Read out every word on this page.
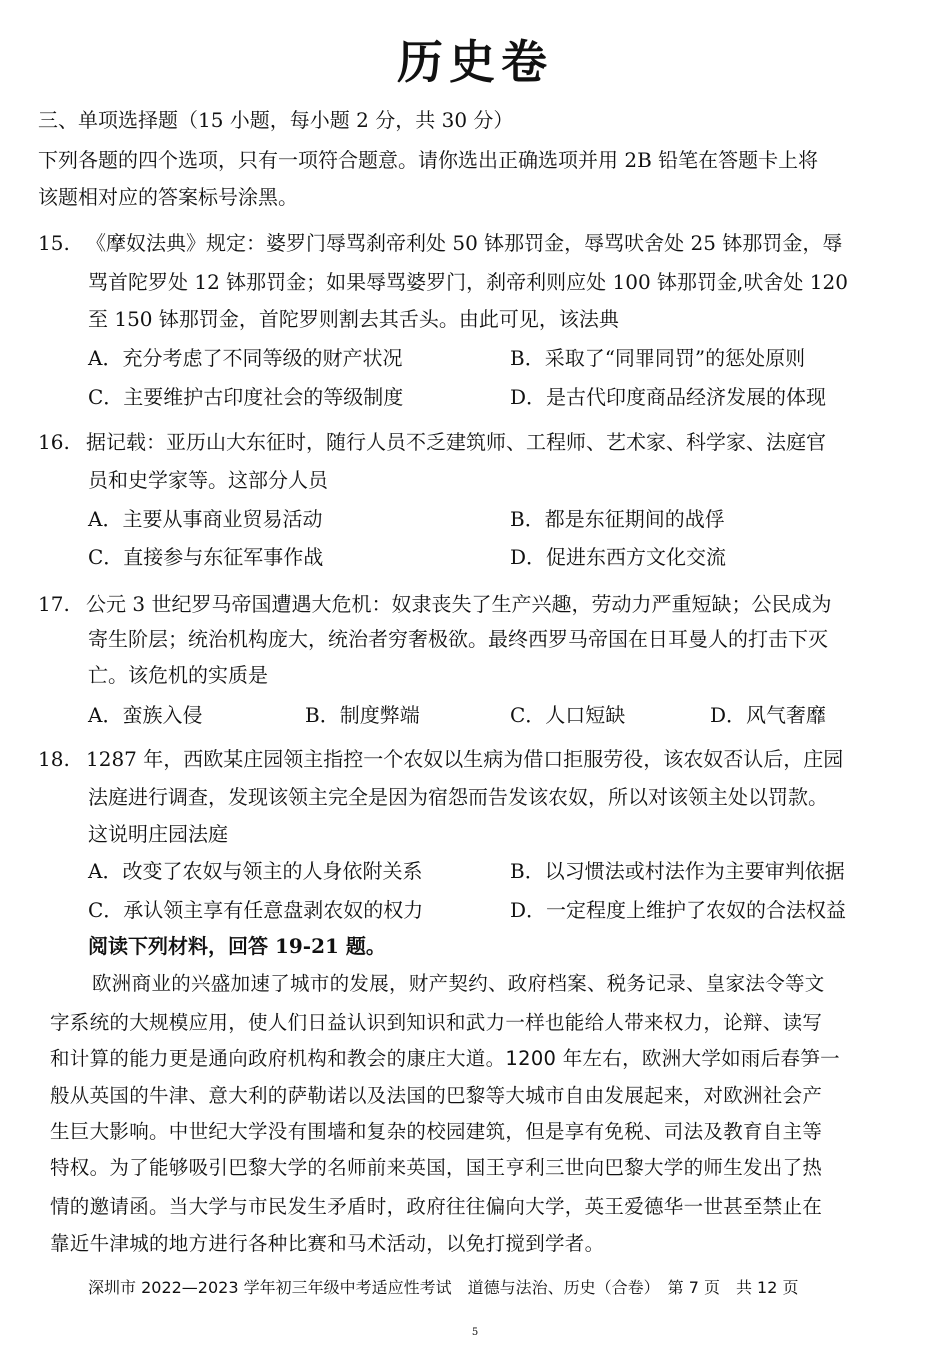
历史卷
三、单项选择题（15 小题，每小题 2 分，共 30 分）
下列各题的四个选项，只有一项符合题意。请你选出正确选项并用 2B 铅笔在答题卡上将
该题相对应的答案标号涂黑。
15. 《摩奴法典》规定：婆罗门辱骂刹帝利处 50 钵那罚金，辱骂吠舍处 25 钵那罚金，辱
骂首陀罗处 12 钵那罚金；如果辱骂婆罗门，刹帝利则应处 100 钵那罚金,吠舍处 120
至 150 钵那罚金，首陀罗则割去其舌头。由此可见，该法典
A．充分考虑了不同等级的财产状况	B．采取了“同罪同罚”的惩处原则
C．主要维护古印度社会的等级制度	D．是古代印度商品经济发展的体现
16. 据记载：亚历山大东征时，随行人员不乏建筑师、工程师、艺术家、科学家、法庭官
员和史学家等。这部分人员
A．主要从事商业贸易活动	B．都是东征期间的战俘
C．直接参与东征军事作战	D．促进东西方文化交流
17. 公元 3 世纪罗马帝国遭遇大危机：奴隶丧失了生产兴趣，劳动力严重短缺；公民成为
寄生阶层；统治机构庞大，统治者穷奢极欲。最终西罗马帝国在日耳曼人的打击下灭
亡。该危机的实质是
A．蛮族入侵	B．制度弊端	C．人口短缺	D．风气奢靡
18. 1287 年，西欧某庄园领主指控一个农奴以生病为借口拒服劳役，该农奴否认后，庄园
法庭进行调查，发现该领主完全是因为宿怨而告发该农奴，所以对该领主处以罚款。
这说明庄园法庭
A．改变了农奴与领主的人身依附关系	B．以习惯法或村法作为主要审判依据
C．承认领主享有任意盘剥农奴的权力	D．一定程度上维护了农奴的合法权益
阅读下列材料，回答 19-21 题。
欧洲商业的兴盛加速了城市的发展，财产契约、政府档案、税务记录、皇家法令等文
字系统的大规模应用，使人们日益认识到知识和武力一样也能给人带来权力，论辩、读写
和计算的能力更是通向政府机构和教会的康庄大道。1200 年左右，欧洲大学如雨后春笋一
般从英国的牛津、意大利的萨勒诺以及法国的巴黎等大城市自由发展起来，对欧洲社会产
生巨大影响。中世纪大学没有围墙和复杂的校园建筑，但是享有免税、司法及教育自主等
特权。为了能够吸引巴黎大学的名师前来英国，国王亨利三世向巴黎大学的师生发出了热
情的邀请函。当大学与市民发生矛盾时，政府往往偏向大学，英王爱德华一世甚至禁止在
靠近牛津城的地方进行各种比赛和马术活动，以免打搅到学者。
深圳市 2022—2023 学年初三年级中考适应性考试　道德与法治、历史（合卷）　第 7 页　共 12 页
5
